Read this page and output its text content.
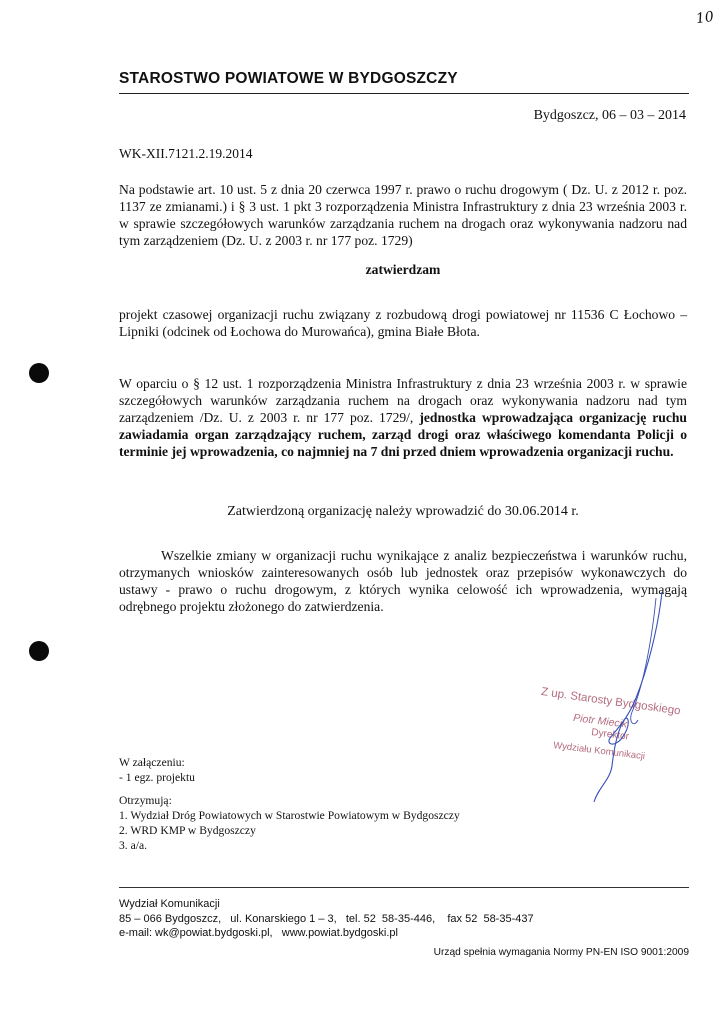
10
STAROSTWO POWIATOWE W BYDGOSZCZY
Bydgoszcz, 06 – 03 – 2014
WK-XII.7121.2.19.2014

Na podstawie art. 10 ust. 5 z dnia 20 czerwca 1997 r. prawo o ruchu drogowym ( Dz. U. z 2012 r. poz. 1137 ze zmianami.) i § 3 ust. 1 pkt 3 rozporządzenia Ministra Infrastruktury z dnia 23 września 2003 r. w sprawie szczegółowych warunków zarządzania ruchem na drogach oraz wykonywania nadzoru nad tym zarządzeniem (Dz. U. z 2003 r. nr 177 poz. 1729)

zatwierdzam

projekt czasowej organizacji ruchu związany z rozbudową drogi powiatowej nr 11536 C Łochowo – Lipniki (odcinek od Łochowa do Murowańca), gmina Białe Błota.

W oparciu o § 12 ust. 1 rozporządzenia Ministra Infrastruktury z dnia 23 września 2003 r. w sprawie szczegółowych warunków zarządzania ruchem na drogach oraz wykonywania nadzoru nad tym zarządzeniem /Dz. U. z 2003 r. nr 177 poz. 1729/, jednostka wprowadzająca organizację ruchu zawiadamia organ zarządzający ruchem, zarząd drogi oraz właściwego komendanta Policji o terminie jej wprowadzenia, co najmniej na 7 dni przed dniem wprowadzenia organizacji ruchu.

Zatwierdzoną organizację należy wprowadzić do 30.06.2014 r.

Wszelkie zmiany w organizacji ruchu wynikające z analiz bezpieczeństwa i warunków ruchu, otrzymanych wniosków zainteresowanych osób lub jednostek oraz przepisów wykonawczych do ustawy - prawo o ruchu drogowym, z których wynika celowość ich wprowadzenia, wymagają odrębnego projektu złożonego do zatwierdzenia.

Z up. Starosty Bydgoskiego
Piotr Miecik
Dyrektor
Wydziału Komunikacji
W załączeniu:
- 1 egz. projektu
Otrzymują:
1. Wydział Dróg Powiatowych w Starostwie Powiatowym w Bydgoszczy
2. WRD KMP w Bydgoszczy
3. a/a.
Wydział Komunikacji
85 – 066 Bydgoszcz,   ul. Konarskiego 1 – 3,   tel. 52  58-35-446,    fax 52  58-35-437
e-mail: wk@powiat.bydgoski.pl,   www.powiat.bydgoski.pl
Urząd spełnia wymagania Normy PN-EN ISO 9001:2009
